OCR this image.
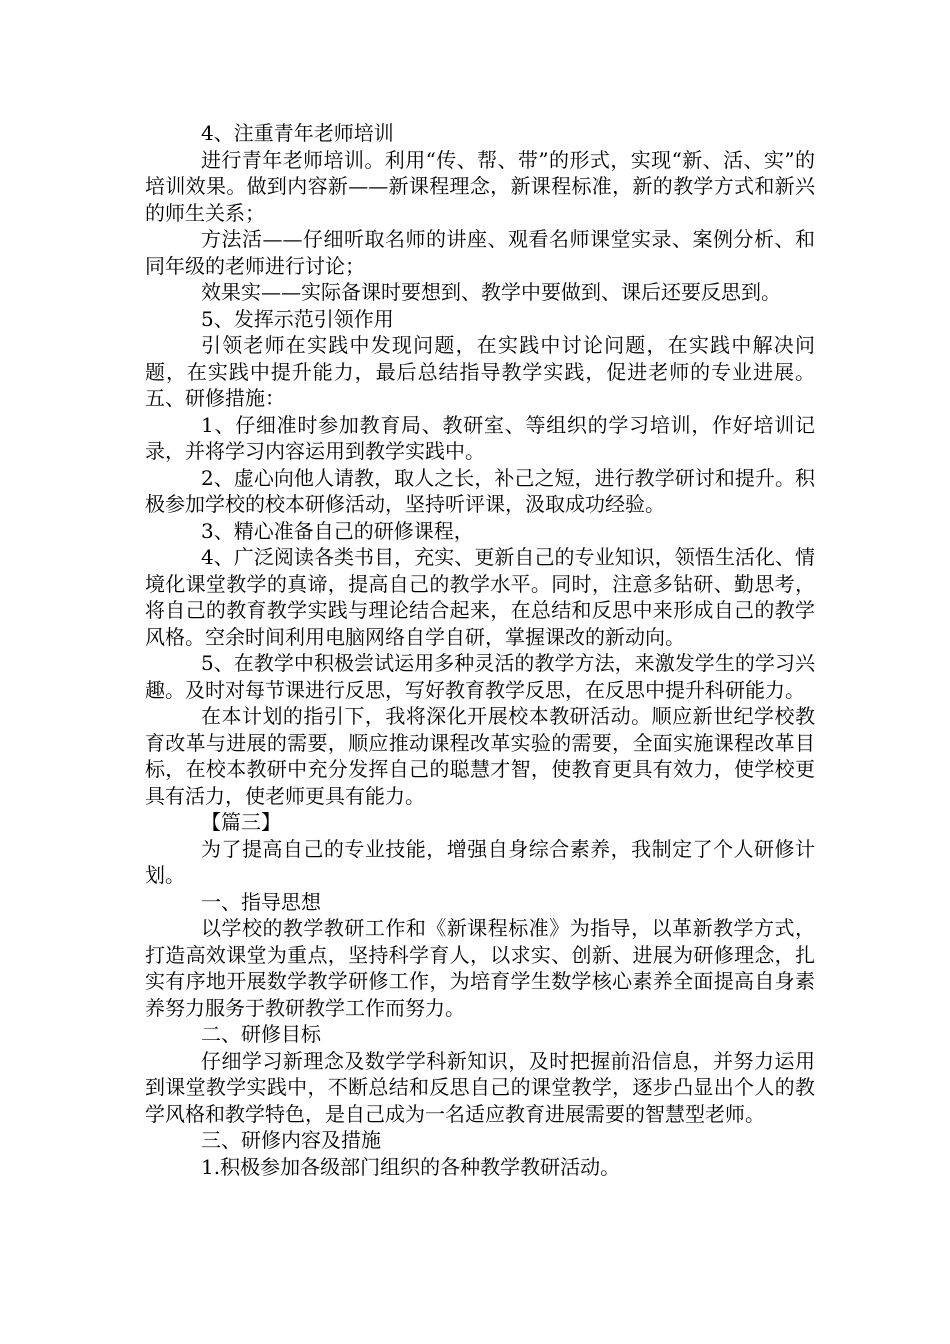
4、注重青年老师培训

进行青年老师培训。利用“传、帮、带”的形式，实现“新、活、实”的培训效果。做到内容新——新课程理念，新课程标准，新的教学方式和新兴的师生关系；

方法活——仔细听取名师的讲座、观看名师课堂实录、案例分析、和同年级的老师进行讨论；

效果实——实际备课时要想到、教学中要做到、课后还要反思到。

5、发挥示范引领作用

引领老师在实践中发现问题，在实践中讨论问题，在实践中解决问题，在实践中提升能力，最后总结指导教学实践，促进老师的专业进展。五、研修措施：

1、仔细准时参加教育局、教研室、等组织的学习培训，作好培训记录，并将学习内容运用到教学实践中。

2、虚心向他人请教，取人之长，补己之短，进行教学研讨和提升。积极参加学校的校本研修活动，坚持听评课，汲取成功经验。

3、精心准备自己的研修课程，

4、广泛阅读各类书目，充实、更新自己的专业知识，领悟生活化、情境化课堂教学的真谛，提高自己的教学水平。同时，注意多钻研、勤思考，将自己的教育教学实践与理论结合起来，在总结和反思中来形成自己的教学风格。空余时间利用电脑网络自学自研，掌握课改的新动向。

5、在教学中积极尝试运用多种灵活的教学方法，来激发学生的学习兴趣。及时对每节课进行反思，写好教育教学反思，在反思中提升科研能力。

在本计划的指引下，我将深化开展校本教研活动。顺应新世纪学校教育改革与进展的需要，顺应推动课程改革实验的需要，全面实施课程改革目标，在校本教研中充分发挥自己的聪慧才智，使教育更具有效力，使学校更具有活力，使老师更具有能力。

【篇三】

为了提高自己的专业技能，增强自身综合素养，我制定了个人研修计划。

一、指导思想

以学校的教学教研工作和《新课程标准》为指导，以革新教学方式，打造高效课堂为重点，坚持科学育人，以求实、创新、进展为研修理念，扎实有序地开展数学教学研修工作，为培育学生数学核心素养全面提高自身素养努力服务于教研教学工作而努力。

二、研修目标

仔细学习新理念及数学学科新知识，及时把握前沿信息，并努力运用到课堂教学实践中，不断总结和反思自己的课堂教学，逐步凸显出个人的教学风格和教学特色，是自己成为一名适应教育进展需要的智慧型老师。

三、研修内容及措施

1.积极参加各级部门组织的各种教学教研活动。
